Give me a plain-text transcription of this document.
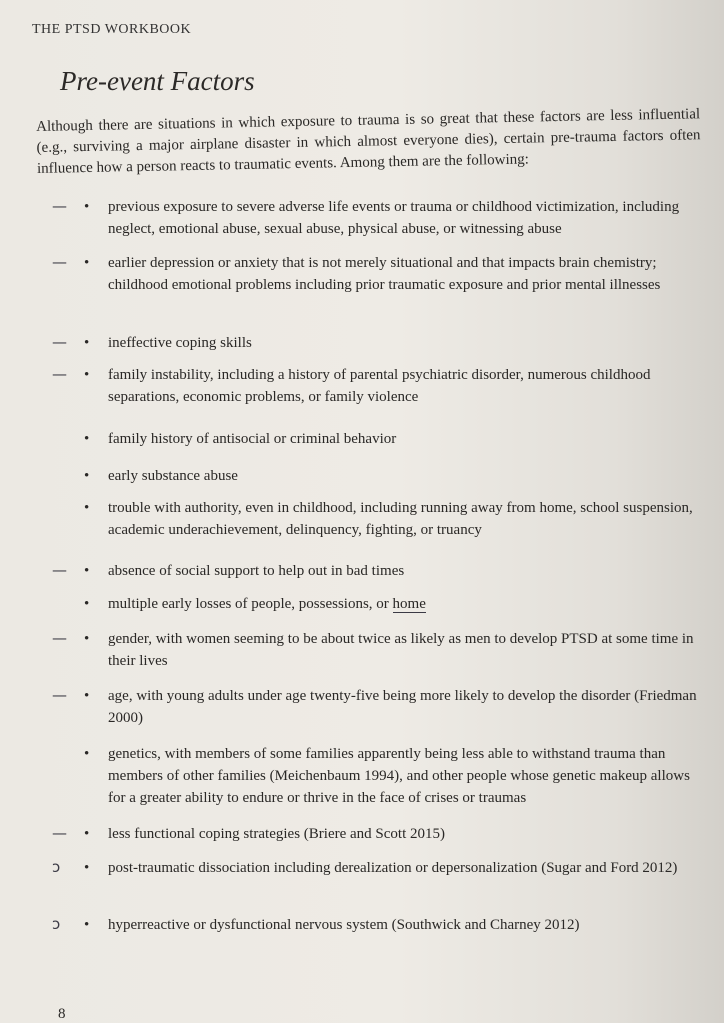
THE PTSD WORKBOOK
Pre-event Factors
Although there are situations in which exposure to trauma is so great that these factors are less influential (e.g., surviving a major airplane disaster in which almost everyone dies), certain pre-trauma factors often influence how a person reacts to traumatic events. Among them are the following:
— • previous exposure to severe adverse life events or trauma or childhood victimization, including neglect, emotional abuse, sexual abuse, physical abuse, or witnessing abuse
— • earlier depression or anxiety that is not merely situational and that impacts brain chemistry; childhood emotional problems including prior traumatic exposure and prior mental illnesses
— • ineffective coping skills
— • family instability, including a history of parental psychiatric disorder, numerous childhood separations, economic problems, or family violence
• family history of antisocial or criminal behavior
• early substance abuse
• trouble with authority, even in childhood, including running away from home, school suspension, academic underachievement, delinquency, fighting, or truancy
— • absence of social support to help out in bad times
• multiple early losses of people, possessions, or home
— • gender, with women seeming to be about twice as likely as men to develop PTSD at some time in their lives
— • age, with young adults under age twenty-five being more likely to develop the disorder (Friedman 2000)
• genetics, with members of some families apparently being less able to withstand trauma than members of other families (Meichenbaum 1994), and other people whose genetic makeup allows for a greater ability to endure or thrive in the face of crises or traumas
— • less functional coping strategies (Briere and Scott 2015)
ↄ • post-traumatic dissociation including derealization or depersonalization (Sugar and Ford 2012)
ↄ • hyperreactive or dysfunctional nervous system (Southwick and Charney 2012)
8
